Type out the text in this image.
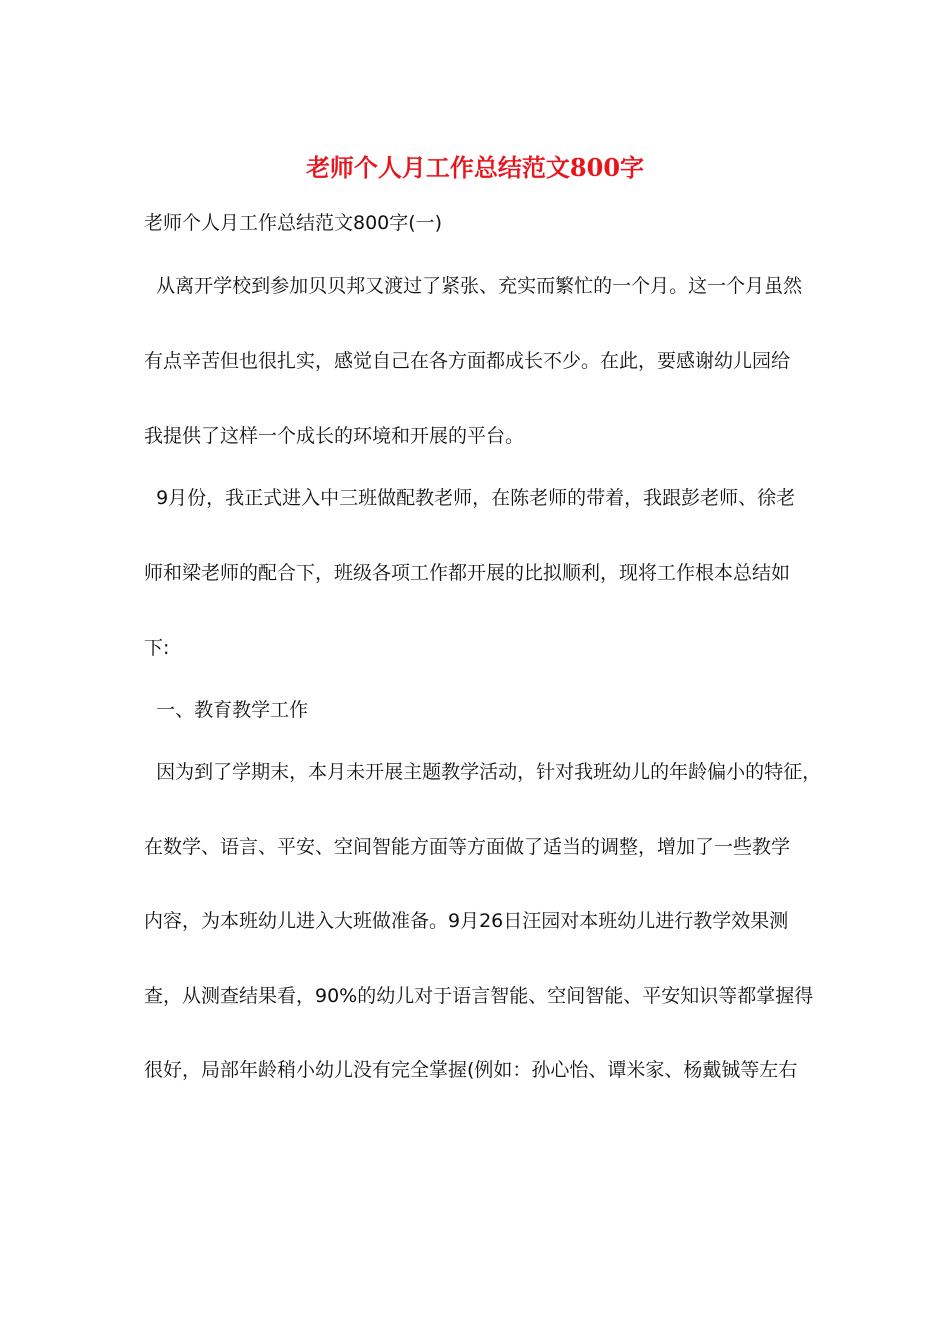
老师个人月工作总结范文800字
老师个人月工作总结范文800字(一)
从离开学校到参加贝贝邦又渡过了紧张、充实而繁忙的一个月。这一个月虽然
有点辛苦但也很扎实，感觉自己在各方面都成长不少。在此，要感谢幼儿园给
我提供了这样一个成长的环境和开展的平台。
9月份，我正式进入中三班做配教老师，在陈老师的带着，我跟彭老师、徐老
师和梁老师的配合下，班级各项工作都开展的比拟顺利，现将工作根本总结如
下:
一、教育教学工作
因为到了学期末，本月未开展主题教学活动，针对我班幼儿的年龄偏小的特征，
在数学、语言、平安、空间智能方面等方面做了适当的调整，增加了一些教学
内容，为本班幼儿进入大班做准备。9月26日汪园对本班幼儿进行教学效果测
查，从测查结果看，90%的幼儿对于语言智能、空间智能、平安知识等都掌握得
很好，局部年龄稍小幼儿没有完全掌握(例如：孙心怡、谭米家、杨戴铖等左右
